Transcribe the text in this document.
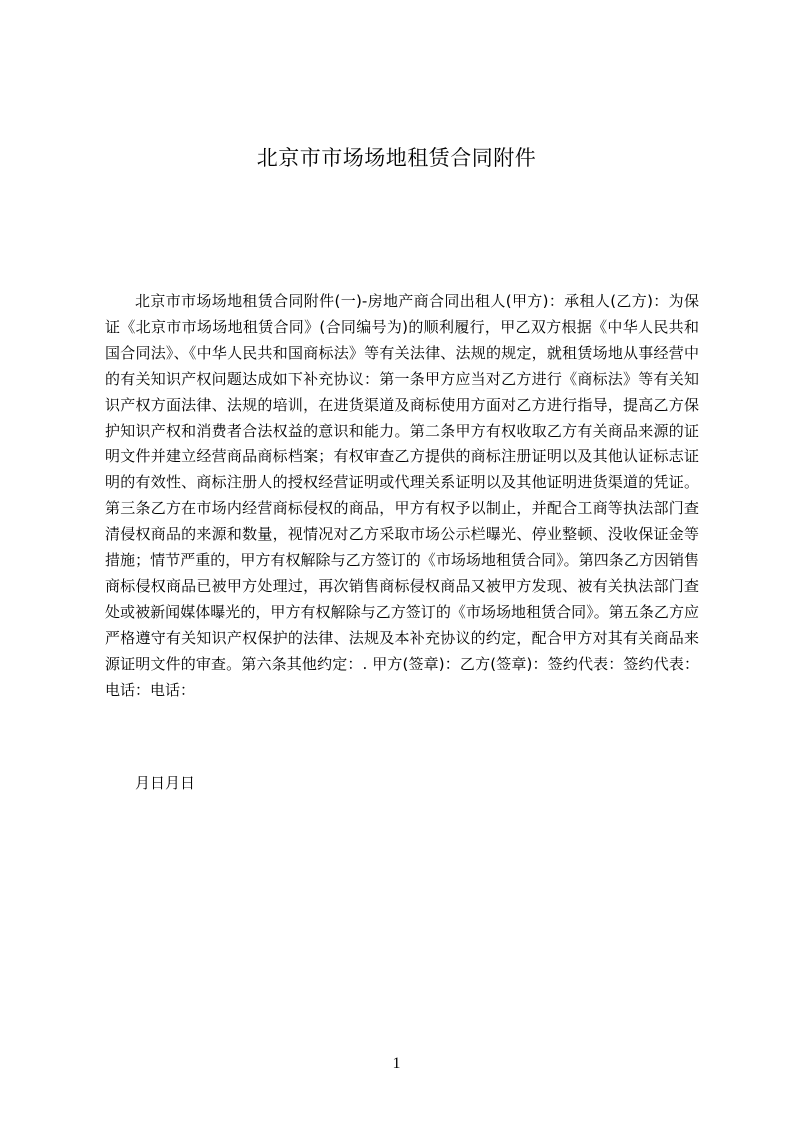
北京市市场场地租赁合同附件

北京市市场场地租赁合同附件(一)-房地产商合同出租人(甲方)：承租人(乙方)：为保证《北京市市场场地租赁合同》(合同编号为)的顺利履行，甲乙双方根据《中华人民共和国合同法》、《中华人民共和国商标法》等有关法律、法规的规定，就租赁场地从事经营中的有关知识产权问题达成如下补充协议：第一条甲方应当对乙方进行《商标法》等有关知识产权方面法律、法规的培训，在进货渠道及商标使用方面对乙方进行指导，提高乙方保护知识产权和消费者合法权益的意识和能力。第二条甲方有权收取乙方有关商品来源的证明文件并建立经营商品商标档案；有权审查乙方提供的商标注册证明以及其他认证标志证明的有效性、商标注册人的授权经营证明或代理关系证明以及其他证明进货渠道的凭证。第三条乙方在市场内经营商标侵权的商品，甲方有权予以制止，并配合工商等执法部门查清侵权商品的来源和数量，视情况对乙方采取市场公示栏曝光、停业整顿、没收保证金等措施；情节严重的，甲方有权解除与乙方签订的《市场场地租赁合同》。第四条乙方因销售商标侵权商品已被甲方处理过，再次销售商标侵权商品又被甲方发现、被有关执法部门查处或被新闻媒体曝光的，甲方有权解除与乙方签订的《市场场地租赁合同》。第五条乙方应严格遵守有关知识产权保护的法律、法规及本补充协议的约定，配合甲方对其有关商品来源证明文件的审查。第六条其他约定：. 甲方(签章)：乙方(签章)：签约代表：签约代表：电话：电话：

月日月日

1
